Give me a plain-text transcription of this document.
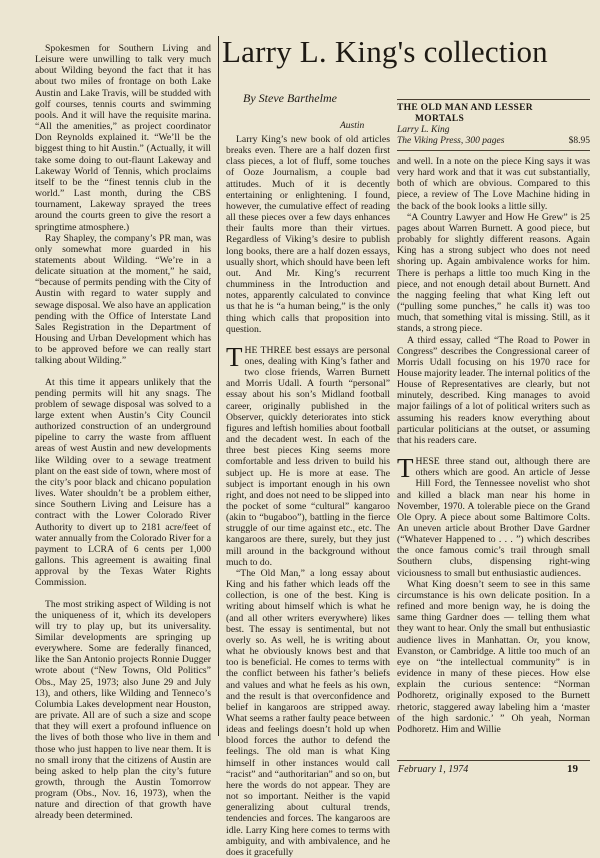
Spokesmen for Southern Living and Leisure were unwilling to talk very much about Wilding beyond the fact that it has about two miles of frontage on both Lake Austin and Lake Travis, will be studded with golf courses, tennis courts and swimming pools. And it will have the requisite marina. “All the amenities,” as project coordinator Don Reynolds explained it. “We’ll be the biggest thing to hit Austin.” (Actually, it will take some doing to out-flaunt Lakeway and Lakeway World of Tennis, which proclaims itself to be the “finest tennis club in the world.” Last month, during the CBS tournament, Lakeway sprayed the trees around the courts green to give the resort a springtime atmosphere.)

Ray Shapley, the company’s PR man, was only somewhat more guarded in his statements about Wilding. “We’re in a delicate situation at the moment,” he said, “because of permits pending with the City of Austin with regard to water supply and sewage disposal. We also have an application pending with the Office of Interstate Land Sales Registration in the Department of Housing and Urban Development which has to be approved before we can really start talking about Wilding.”

At this time it appears unlikely that the pending permits will hit any snags. The problem of sewage disposal was solved to a large extent when Austin’s City Council authorized construction of an underground pipeline to carry the waste from affluent areas of west Austin and new developments like Wilding over to a sewage treatment plant on the east side of town, where most of the city’s poor black and chicano population lives. Water shouldn’t be a problem either, since Southern Living and Leisure has a contract with the Lower Colorado River Authority to divert up to 2181 acre/feet of water annually from the Colorado River for a payment to LCRA of 6 cents per 1,000 gallons. This agreement is awaiting final approval by the Texas Water Rights Commission.

The most striking aspect of Wilding is not the uniqueness of it, which its developers will try to play up, but its universality. Similar developments are springing up everywhere. Some are federally financed, like the San Antonio projects Ronnie Dugger wrote about (“New Towns, Old Politics” Obs., May 25, 1973; also June 29 and July 13), and others, like Wilding and Tenneco’s Columbia Lakes development near Houston, are private. All are of such a size and scope that they will exert a profound influence on the lives of both those who live in them and those who just happen to live near them. It is no small irony that the citizens of Austin are being asked to help plan the city’s future growth, through the Austin Tomorrow program (Obs., Nov. 16, 1973), when the nature and direction of that growth have already been determined.

Larry L. King's collection

By Steve Barthelme

Austin

THE OLD MAN AND LESSER
MORTALS
Larry L. King
The Viking Press, 300 pages	$8.95

Larry King’s new book of old articles breaks even. There are a half dozen first class pieces, a lot of fluff, some touches of Ooze Journalism, a couple bad attitudes. Much of it is decently entertaining or enlightening. I found, however, the cumulative effect of reading all these pieces over a few days enhances their faults more than their virtues. Regardless of Viking’s desire to publish long books, there are a half dozen essays, usually short, which should have been left out. And Mr. King’s recurrent chumminess in the Introduction and notes, apparently calculated to convince us that he is “a human being,” is the only thing which calls that proposition into question.

THE THREE best essays are personal ones, dealing with King’s father and two close friends, Warren Burnett and Morris Udall. A fourth “personal” essay about his son’s Midland football career, originally published in the Observer, quickly deteriorates into stick figures and leftish homilies about football and the decadent west. In each of the three best pieces King seems more comfortable and less driven to build his subject up. He is more at ease. The subject is important enough in his own right, and does not need to be slipped into the pocket of some “cultural” kangaroo (akin to “bugaboo”), battling in the fierce struggle of our time against etc., etc. The kangaroos are there, surely, but they just mill around in the background without much to do.

“The Old Man,” a long essay about King and his father which leads off the collection, is one of the best. King is writing about himself which is what he (and all other writers everywhere) likes best. The essay is sentimental, but not overly so. As well, he is writing about what he obviously knows best and that too is beneficial. He comes to terms with the conflict between his father’s beliefs and values and what he feels as his own, and the result is that overconfidence and belief in kangaroos are stripped away. What seems a rather faulty peace between ideas and feelings doesn’t hold up when blood forces the author to defend the feelings. The old man is what King himself in other instances would call “racist” and “authoritarian” and so on, but here the words do not appear. They are not so important. Neither is the vapid generalizing about cultural trends, tendencies and forces. The kangaroos are idle. Larry King here comes to terms with ambiguity, and with ambivalence, and he does it gracefully

and well. In a note on the piece King says it was very hard work and that it was cut substantially, both of which are obvious. Compared to this piece, a review of The Love Machine hiding in the back of the book looks a little silly.

“A Country Lawyer and How He Grew” is 25 pages about Warren Burnett. A good piece, but probably for slightly different reasons. Again King has a strong subject who does not need shoring up. Again ambivalence works for him. There is perhaps a little too much King in the piece, and not enough detail about Burnett. And the nagging feeling that what King left out (“pulling some punches,” he calls it) was too much, that something vital is missing. Still, as it stands, a strong piece.

A third essay, called “The Road to Power in Congress” describes the Congressional career of Morris Udall focusing on his 1970 race for House majority leader. The internal politics of the House of Representatives are clearly, but not minutely, described. King manages to avoid major failings of a lot of political writers such as assuming his readers know everything about particular politicians at the outset, or assuming that his readers care.

THESE three stand out, although there are others which are good. An article of Jesse Hill Ford, the Tennessee novelist who shot and killed a black man near his home in November, 1970. A tolerable piece on the Grand Ole Opry. A piece about some Baltimore Colts. An uneven article about Brother Dave Gardner (“Whatever Happened to . . . ”) which describes the once famous comic’s trail through small Southern clubs, dispensing right-wing viciousness to small but enthusiastic audiences.

What King doesn’t seem to see in this same circumstance is his own delicate position. In a refined and more benign way, he is doing the same thing Gardner does — telling them what they want to hear. Only the small but enthusiastic audience lives in Manhattan. Or, you know, Evanston, or Cambridge. A little too much of an eye on “the intellectual community” is in evidence in many of these pieces. How else explain the curious sentence: “Norman Podhoretz, originally exposed to the Burnett rhetoric, staggered away labeling him a ‘master of the high sardonic.’ ” Oh yeah, Norman Podhoretz. Him and Willie

February 1, 1974	19
